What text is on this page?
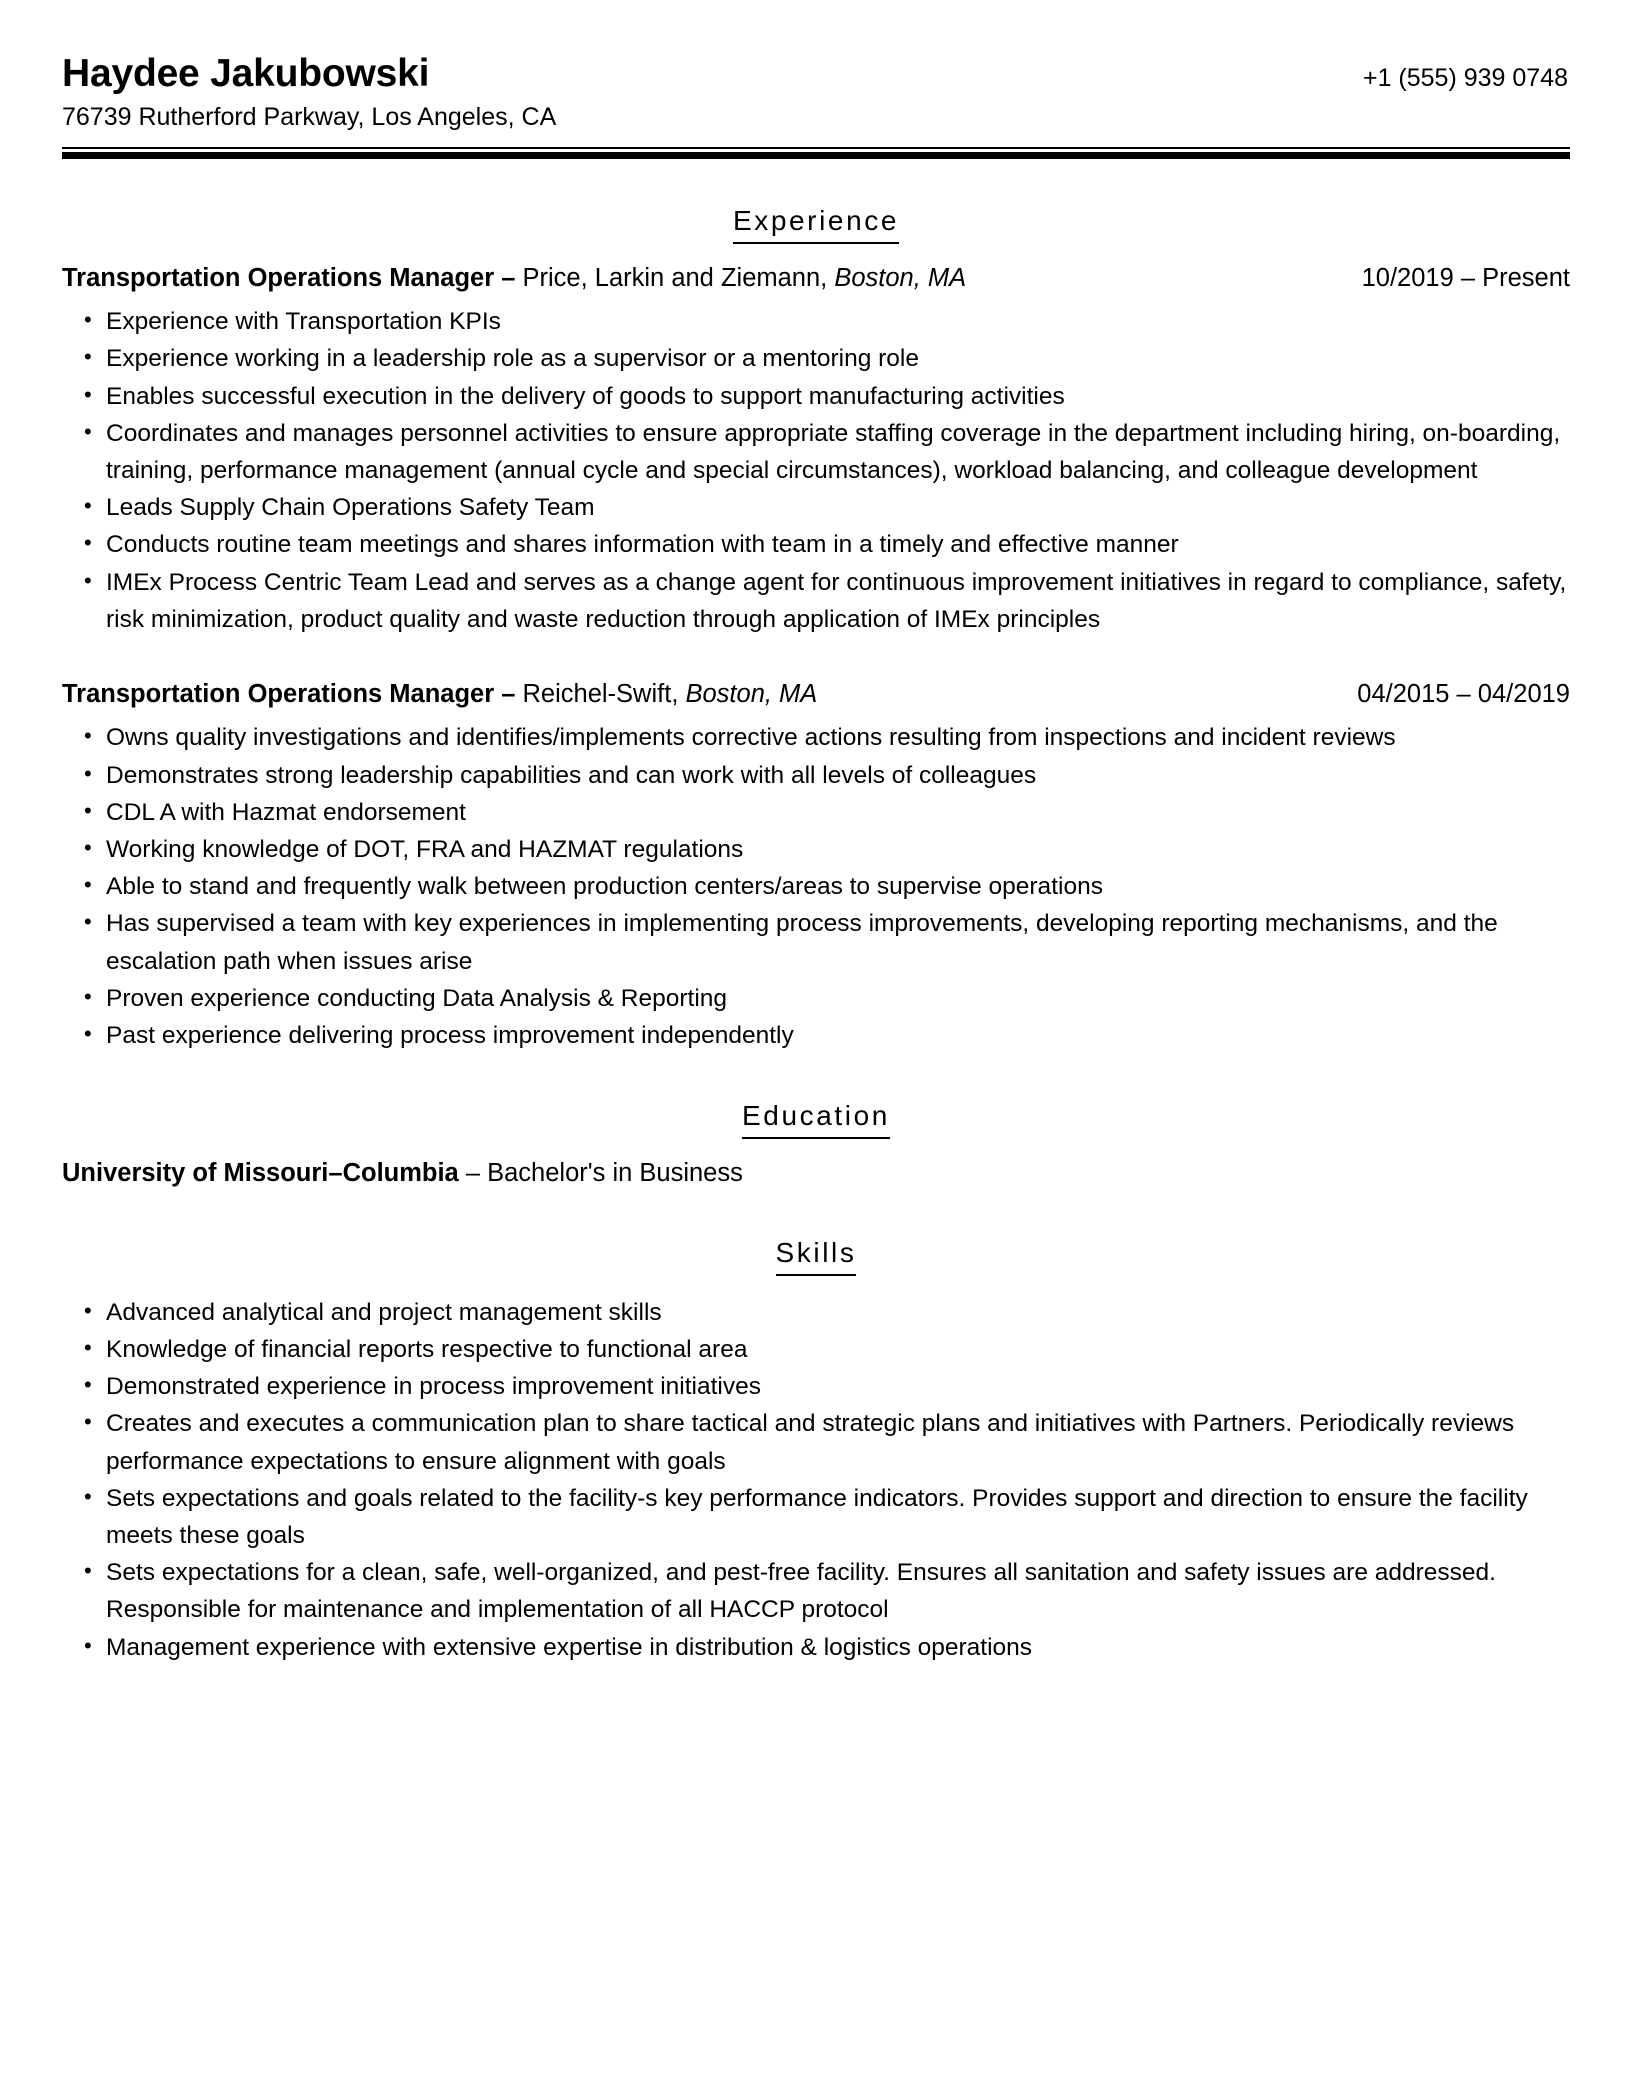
Haydee Jakubowski	+1 (555) 939 0748
76739 Rutherford Parkway, Los Angeles, CA
Experience
Transportation Operations Manager – Price, Larkin and Ziemann, Boston, MA	10/2019 – Present
• Experience with Transportation KPIs
• Experience working in a leadership role as a supervisor or a mentoring role
• Enables successful execution in the delivery of goods to support manufacturing activities
• Coordinates and manages personnel activities to ensure appropriate staffing coverage in the department including hiring, on-boarding, training, performance management (annual cycle and special circumstances), workload balancing, and colleague development
• Leads Supply Chain Operations Safety Team
• Conducts routine team meetings and shares information with team in a timely and effective manner
• IMEx Process Centric Team Lead and serves as a change agent for continuous improvement initiatives in regard to compliance, safety, risk minimization, product quality and waste reduction through application of IMEx principles
Transportation Operations Manager – Reichel-Swift, Boston, MA	04/2015 – 04/2019
• Owns quality investigations and identifies/implements corrective actions resulting from inspections and incident reviews
• Demonstrates strong leadership capabilities and can work with all levels of colleagues
• CDL A with Hazmat endorsement
• Working knowledge of DOT, FRA and HAZMAT regulations
• Able to stand and frequently walk between production centers/areas to supervise operations
• Has supervised a team with key experiences in implementing process improvements, developing reporting mechanisms, and the escalation path when issues arise
• Proven experience conducting Data Analysis & Reporting
• Past experience delivering process improvement independently
Education
University of Missouri–Columbia – Bachelor's in Business
Skills
• Advanced analytical and project management skills
• Knowledge of financial reports respective to functional area
• Demonstrated experience in process improvement initiatives
• Creates and executes a communication plan to share tactical and strategic plans and initiatives with Partners. Periodically reviews performance expectations to ensure alignment with goals
• Sets expectations and goals related to the facility-s key performance indicators. Provides support and direction to ensure the facility meets these goals
• Sets expectations for a clean, safe, well-organized, and pest-free facility. Ensures all sanitation and safety issues are addressed. Responsible for maintenance and implementation of all HACCP protocol
• Management experience with extensive expertise in distribution & logistics operations
